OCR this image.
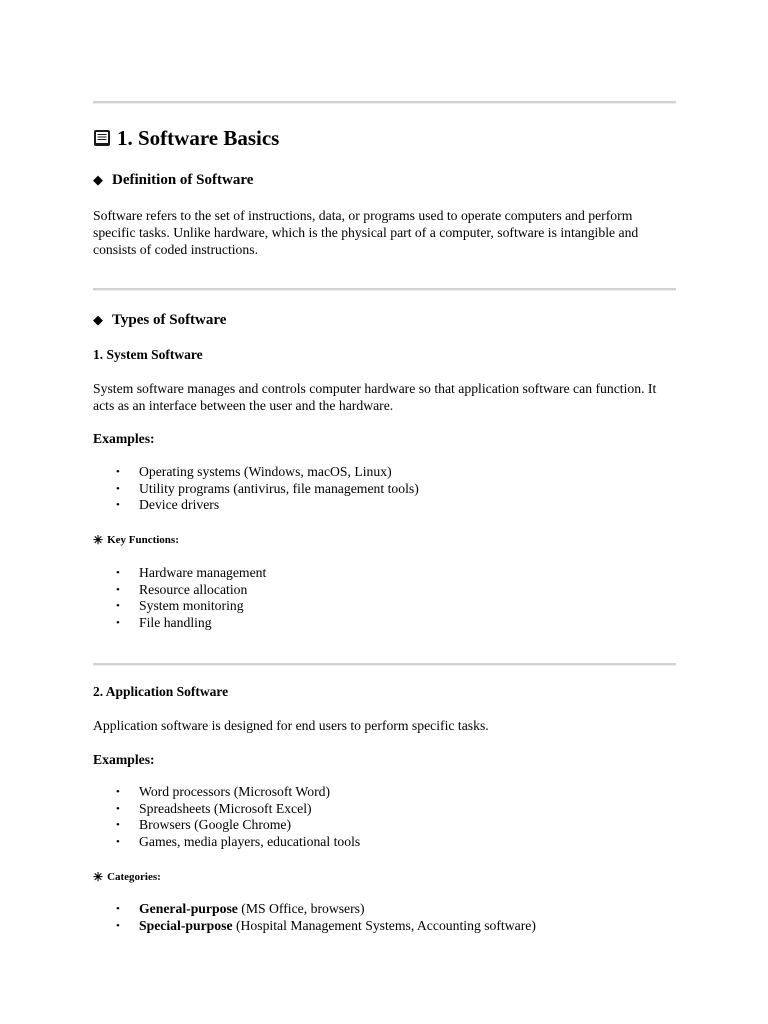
1. Software Basics
◆ Definition of Software

Software refers to the set of instructions, data, or programs used to operate computers and perform specific tasks. Unlike hardware, which is the physical part of a computer, software is intangible and consists of coded instructions.

◆ Types of Software
1. System Software

System software manages and controls computer hardware so that application software can function. It acts as an interface between the user and the hardware.

Examples:
• Operating systems (Windows, macOS, Linux)
• Utility programs (antivirus, file management tools)
• Device drivers
✳ Key Functions:
• Hardware management
• Resource allocation
• System monitoring
• File handling
2. Application Software

Application software is designed for end users to perform specific tasks.

Examples:
• Word processors (Microsoft Word)
• Spreadsheets (Microsoft Excel)
• Browsers (Google Chrome)
• Games, media players, educational tools
✳ Categories:
• General-purpose (MS Office, browsers)
• Special-purpose (Hospital Management Systems, Accounting software)
